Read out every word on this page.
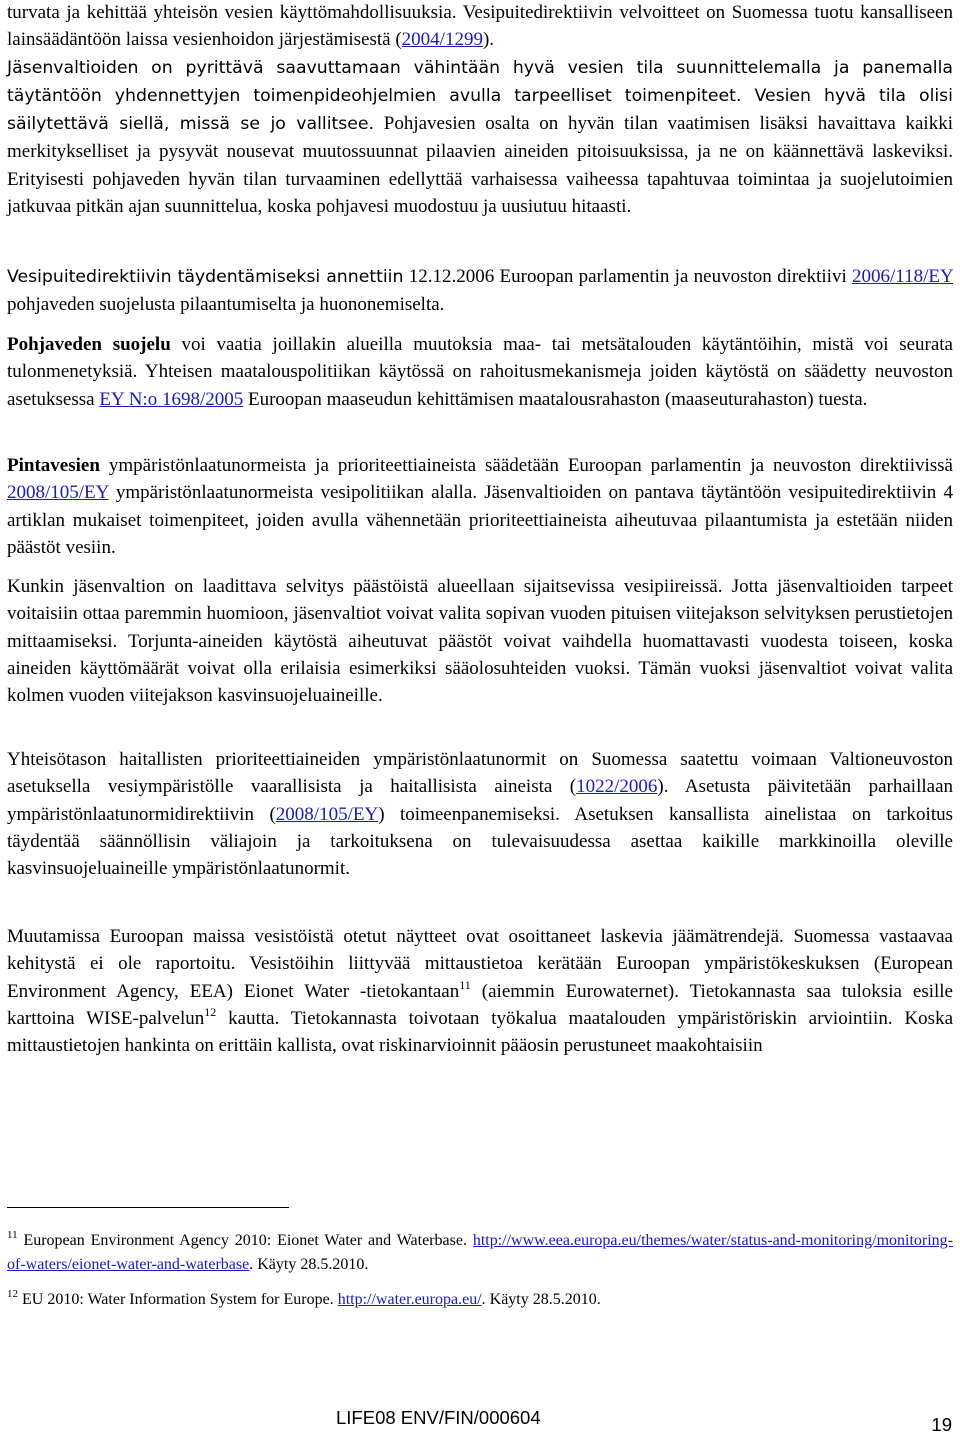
turvata ja kehittää yhteisön vesien käyttömahdollisuuksia. Vesipuitedirektiivin velvoitteet on Suomessa tuotu kansalliseen lainsäädäntöön laissa vesienhoidon järjestämisestä (2004/1299).
Jäsenvaltioiden on pyrittävä saavuttamaan vähintään hyvä vesien tila suunnittelemalla ja panemalla täytäntöön yhdennettyjen toimenpideohjelmien avulla tarpeelliset toimenpiteet. Vesien hyvä tila olisi säilytettävä siellä, missä se jo vallitsee. Pohjavesien osalta on hyvän tilan vaatimisen lisäksi havaittava kaikki merkitykselliset ja pysyvät nousevat muutossuunnat pilaavien aineiden pitoisuuksissa, ja ne on käännettävä laskeviksi. Erityisesti pohjaveden hyvän tilan turvaaminen edellyttää varhaisessa vaiheessa tapahtuvaa toimintaa ja suojelutoimien jatkuvaa pitkän ajan suunnittelua, koska pohjavesi muodostuu ja uusiutuu hitaasti.

Vesipuitedirektiivin täydentämiseksi annettiin 12.12.2006 Euroopan parlamentin ja neuvoston direktiivi 2006/118/EY pohjaveden suojelusta pilaantumiselta ja huononemiselta.

Pohjaveden suojelu voi vaatia joillakin alueilla muutoksia maa- tai metsätalouden käytäntöihin, mistä voi seurata tulonmenetyksiä. Yhteisen maatalouspolitiikan käytössä on rahoitusmekanismeja joiden käytöstä on säädetty neuvoston asetuksessa EY N:o 1698/2005 Euroopan maaseudun kehittämisen maatalousrahaston (maaseuturahaston) tuesta.

Pintavesien ympäristönlaatunormeista ja prioriteettiaineista säädetään Euroopan parlamentin ja neuvoston direktiivissä 2008/105/EY ympäristönlaatunormeista vesipolitiikan alalla. Jäsenvaltioiden on pantava täytäntöön vesipuitedirektiivin 4 artiklan mukaiset toimenpiteet, joiden avulla vähennetään prioriteettiaineista aiheutuvaa pilaantumista ja estetään niiden päästöt vesiin.

Kunkin jäsenvaltion on laadittava selvitys päästöistä alueellaan sijaitsevissa vesipiireissä. Jotta jäsenvaltioiden tarpeet voitaisiin ottaa paremmin huomioon, jäsenvaltiot voivat valita sopivan vuoden pituisen viitejakson selvityksen perustietojen mittaamiseksi. Torjunta-aineiden käytöstä aiheutuvat päästöt voivat vaihdella huomattavasti vuodesta toiseen, koska aineiden käyttömäärät voivat olla erilaisia esimerkiksi sääolosuhteiden vuoksi. Tämän vuoksi jäsenvaltiot voivat valita kolmen vuoden viitejakson kasvinsuojeluaineille.

Yhteisötason haitallisten prioriteettiaineiden ympäristönlaatunormit on Suomessa saatettu voimaan Valtioneuvoston asetuksella vesiympäristölle vaarallisista ja haitallisista aineista (1022/2006). Asetusta päivitetään parhaillaan ympäristönlaatunormidirektiivin (2008/105/EY) toimeenpanemiseksi. Asetuksen kansallista ainelistaa on tarkoitus täydentää säännöllisin väliajoin ja tarkoituksena on tulevaisuudessa asettaa kaikille markkinoilla oleville kasvinsuojeluaineille ympäristönlaatunormit.

Muutamissa Euroopan maissa vesistöistä otetut näytteet ovat osoittaneet laskevia jäämätrendejä. Suomessa vastaavaa kehitystä ei ole raportoitu. Vesistöihin liittyvää mittaustietoa kerätään Euroopan ympäristökeskuksen (European Environment Agency, EEA) Eionet Water -tietokantaan$^{11}$ (aiemmin Eurowaternet). Tietokannasta saa tuloksia esille karttoina WISE-palvelun$^{12}$ kautta. Tietokannasta toivotaan työkalua maatalouden ympäristöriskin arviointiin. Koska mittaustietojen hankinta on erittäin kallista, ovat riskinarvioinnit pääosin perustuneet maakohtaisiin

$^{11}$ European Environment Agency 2010: Eionet Water and Waterbase. http://www.eea.europa.eu/themes/water/status-and-monitoring/monitoring-of-waters/eionet-water-and-waterbase. Käyty 28.5.2010.

$^{12}$ EU 2010: Water Information System for Europe. http://water.europa.eu/. Käyty 28.5.2010.

LIFE08 ENV/FIN/000604	19
